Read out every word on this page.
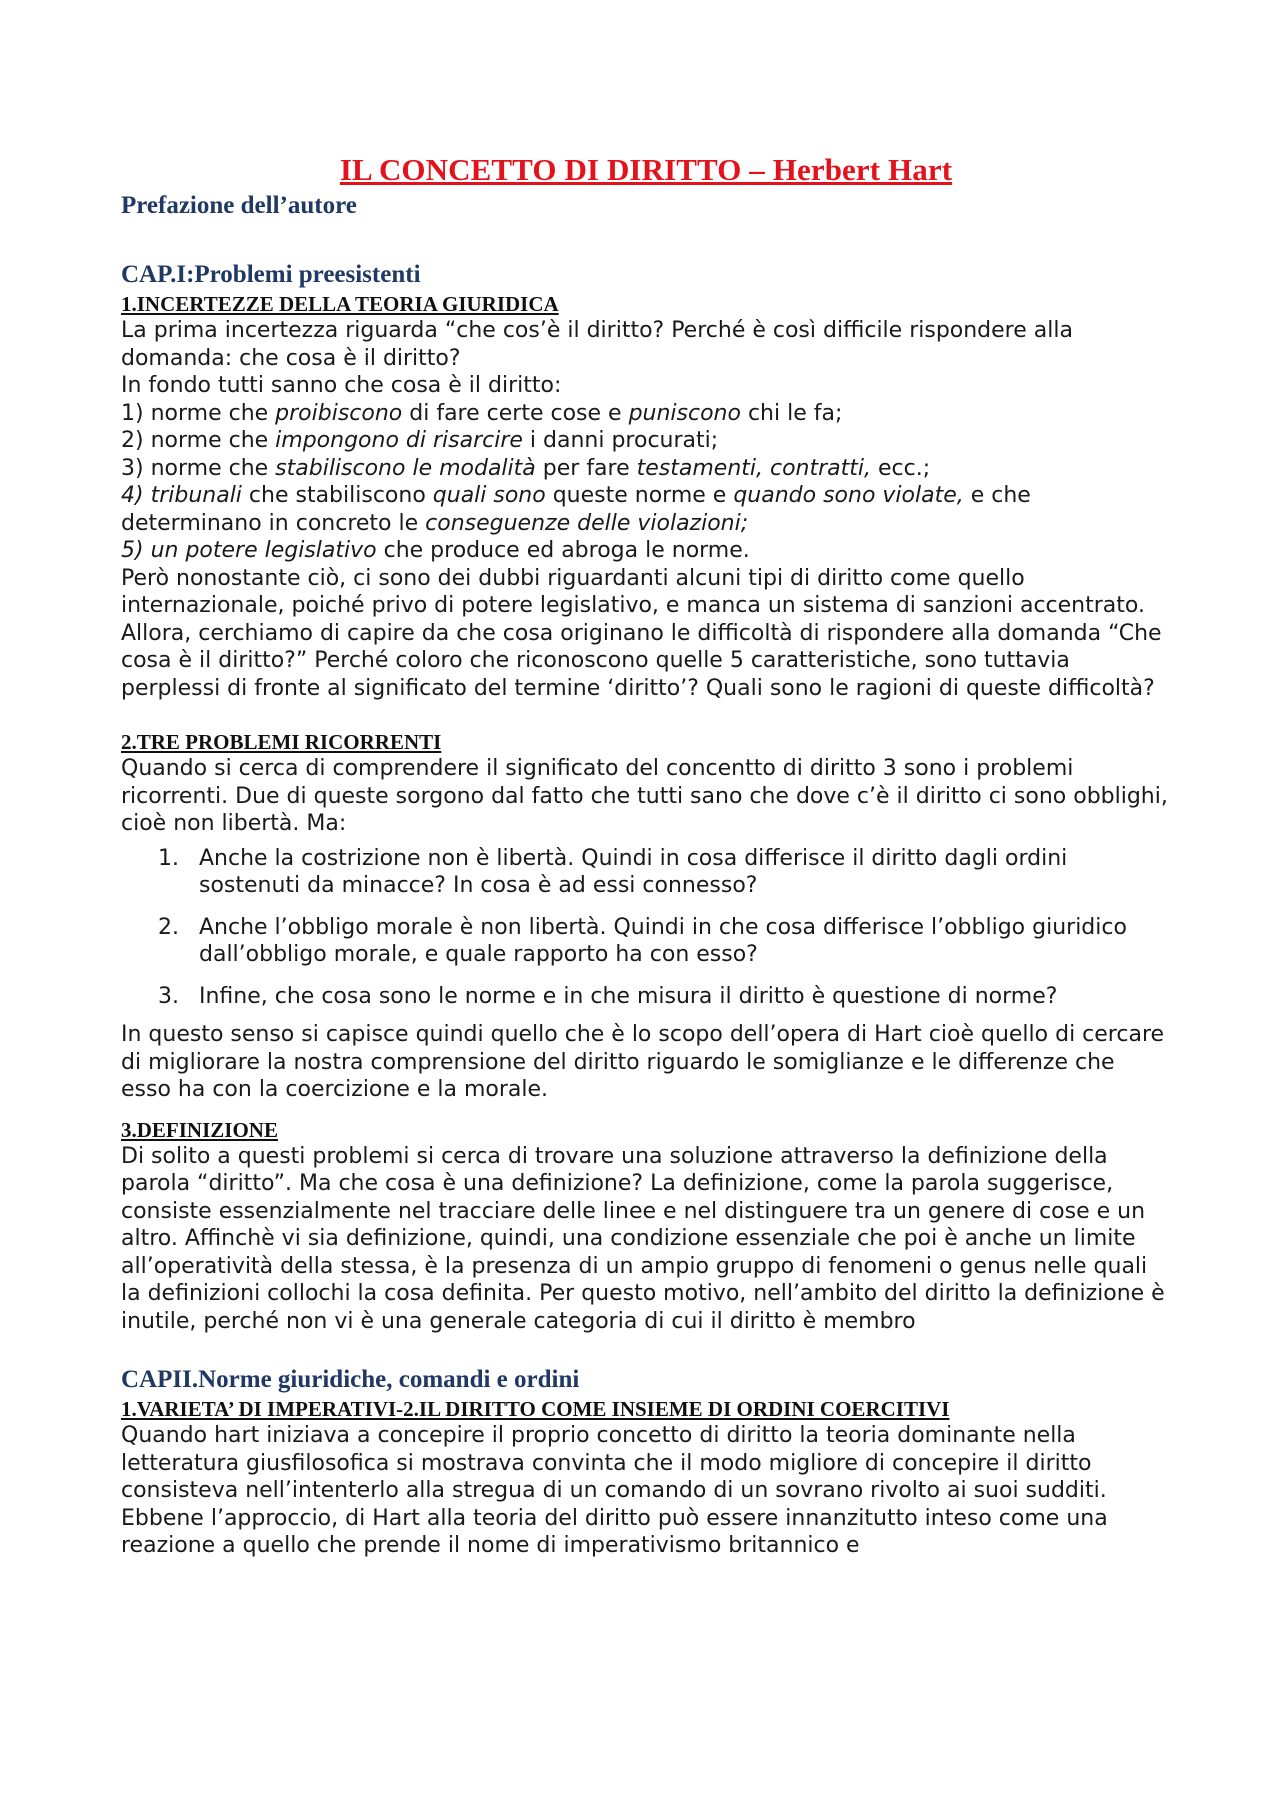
IL CONCETTO DI DIRITTO – Herbert Hart
Prefazione dell’autore
CAP.I:Problemi preesistenti
1.INCERTEZZE DELLA TEORIA GIURIDICA

La prima incertezza riguarda “che cos’è il diritto? Perché è così difficile rispondere alla domanda: che cosa è il diritto?

In fondo tutti sanno che cosa è il diritto:

1) norme che proibiscono di fare certe cose e puniscono chi le fa;

2) norme che impongono di risarcire i danni procurati;

3) norme che stabiliscono le modalità per fare testamenti, contratti, ecc.;

4) tribunali che stabiliscono quali sono queste norme e quando sono violate, e che determinano in concreto le conseguenze delle violazioni;

5) un potere legislativo che produce ed abroga le norme.

Però nonostante ciò, ci sono dei dubbi riguardanti alcuni tipi di diritto come quello internazionale, poiché privo di potere legislativo, e manca un sistema di sanzioni accentrato.

Allora, cerchiamo di capire da che cosa originano le difficoltà di rispondere alla domanda “Che cosa è il diritto?” Perché coloro che riconoscono quelle 5 caratteristiche, sono tuttavia perplessi di fronte al significato del termine ‘diritto’? Quali sono le ragioni di queste difficoltà?

2.TRE PROBLEMI RICORRENTI

Quando si cerca di comprendere il significato del concentto di diritto 3 sono i problemi ricorrenti. Due di queste sorgono dal fatto che tutti sano che dove c’è il diritto ci sono obblighi, cioè non libertà. Ma:

1. Anche la costrizione non è libertà. Quindi in cosa differisce il diritto dagli ordini sostenuti da minacce? In cosa è ad essi connesso?
2. Anche l’obbligo morale è non libertà. Quindi in che cosa differisce l’obbligo giuridico dall’obbligo morale, e quale rapporto ha con esso?
3. Infine, che cosa sono le norme e in che misura il diritto è questione di norme?

In questo senso si capisce quindi quello che è lo scopo dell’opera di Hart cioè quello di cercare di migliorare la nostra comprensione del diritto riguardo le somiglianze e le differenze che esso ha con la coercizione e la morale.

3.DEFINIZIONE

Di solito a questi problemi si cerca di trovare una soluzione attraverso la definizione della parola “diritto”. Ma che cosa è una definizione? La definizione, come la parola suggerisce, consiste essenzialmente nel tracciare delle linee e nel distinguere tra un genere di cose e un altro. Affinchè vi sia definizione, quindi, una condizione essenziale che poi è anche un limite all’operatività della stessa, è la presenza di un ampio gruppo di fenomeni o genus nelle quali la definizioni collochi la cosa definita. Per questo motivo, nell’ambito del diritto la definizione è inutile, perché non vi è una generale categoria di cui il diritto è membro

CAPII.Norme giuridiche, comandi e ordini
1.VARIETA’ DI IMPERATIVI-2.IL DIRITTO COME INSIEME DI ORDINI COERCITIVI

Quando hart iniziava a concepire il proprio concetto di diritto la teoria dominante nella letteratura giusfilosofica si mostrava convinta che il modo migliore di concepire il diritto consisteva nell’intenterlo alla stregua di un comando di un sovrano rivolto ai suoi sudditi. Ebbene l’approccio, di Hart alla teoria del diritto può essere innanzitutto inteso come una reazione a quello che prende il nome di imperativismo britannico e
